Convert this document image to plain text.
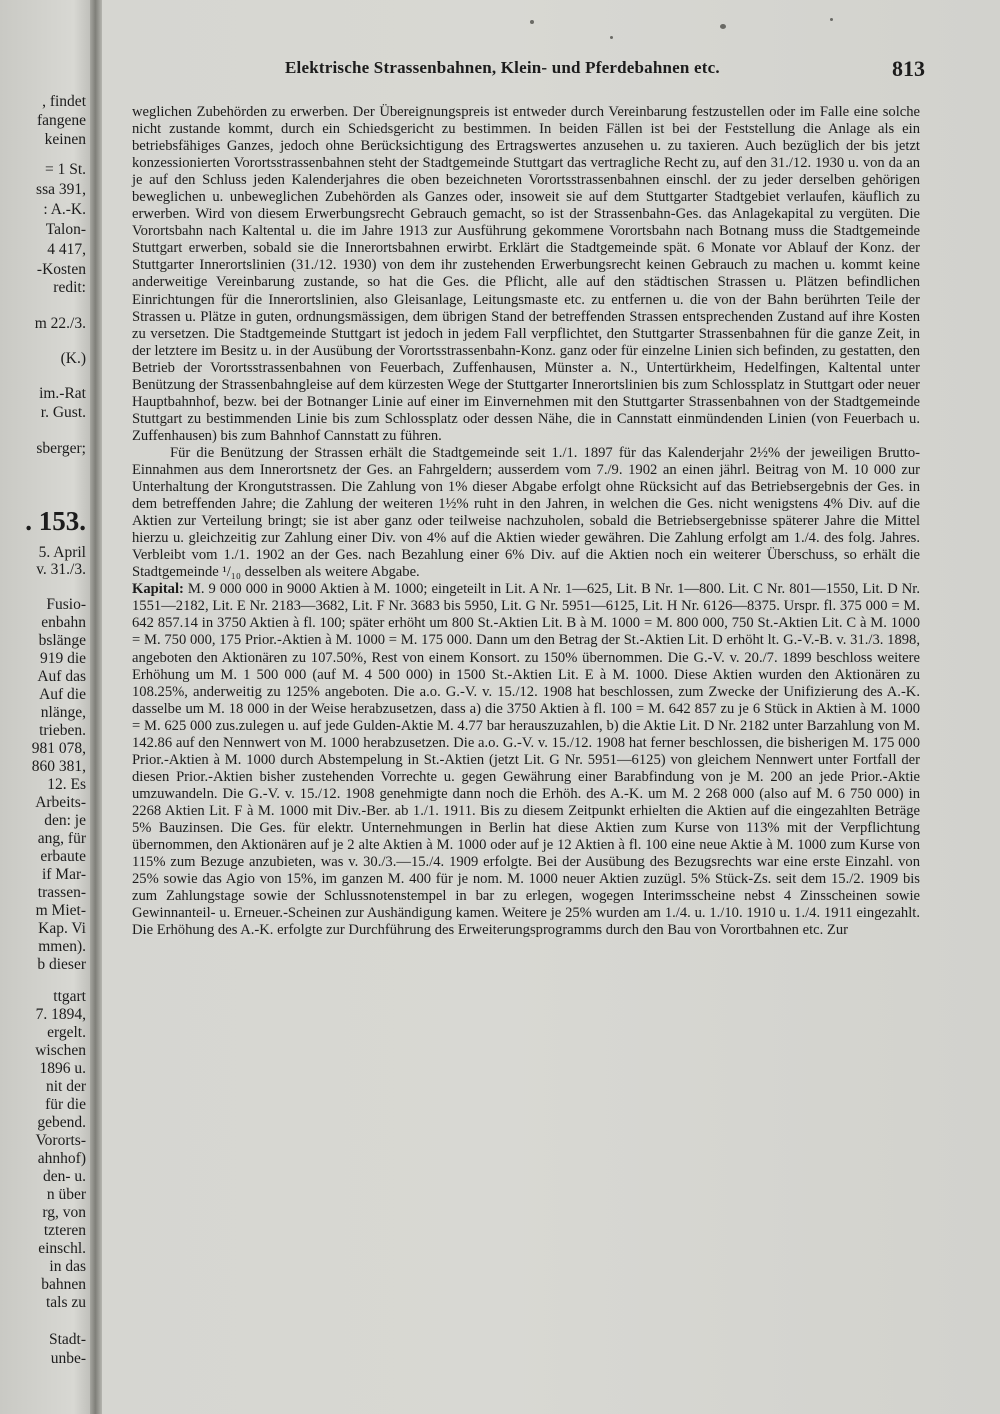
, findet
fangene
keinen
= 1 St.
ssa 391,
: A.-K.
Talon-
4 417,
-Kosten
redit:
m 22./3.
(K.)
im.-Rat
r. Gust.
sberger;
. 153.
5. April
v. 31./3.
Fusio-
enbahn
bslänge
919 die
Auf das
Auf die
nlänge,
trieben.
981 078,
860 381,
12. Es
Arbeits-
den: je
ang, für
erbaute
if Mar-
trassen-
m Miet-
Kap. Vi
mmen).
b dieser
ttgart
7. 1894,
ergelt.
wischen
1896 u.
nit der
für die
gebend.
Vororts-
ahnhof)
den- u.
n über
rg, von
tzteren
einschl.
in das
bahnen
tals zu
Stadt-
unbe-
Elektrische Strassenbahnen, Klein- und Pferdebahnen etc.	813

weglichen Zubehörden zu erwerben. Der Übereignungspreis ist entweder durch Vereinbarung festzustellen oder im Falle eine solche nicht zustande kommt, durch ein Schiedsgericht zu bestimmen. In beiden Fällen ist bei der Feststellung die Anlage als ein betriebsfähiges Ganzes, jedoch ohne Berücksichtigung des Ertragswertes anzusehen u. zu taxieren. Auch bezüglich der bis jetzt konzessionierten Vorortsstrassenbahnen steht der Stadtgemeinde Stuttgart das vertragliche Recht zu, auf den 31./12. 1930 u. von da an je auf den Schluss jeden Kalenderjahres die oben bezeichneten Vorortsstrassenbahnen einschl. der zu jeder derselben gehörigen beweglichen u. unbeweglichen Zubehörden als Ganzes oder, insoweit sie auf dem Stuttgarter Stadtgebiet verlaufen, käuflich zu erwerben. Wird von diesem Erwerbungsrecht Gebrauch gemacht, so ist der Strassenbahn-Ges. das Anlagekapital zu vergüten. Die Vorortsbahn nach Kaltental u. die im Jahre 1913 zur Ausführung gekommene Vorortsbahn nach Botnang muss die Stadtgemeinde Stuttgart erwerben, sobald sie die Innerortsbahnen erwirbt. Erklärt die Stadtgemeinde spät. 6 Monate vor Ablauf der Konz. der Stuttgarter Innerortslinien (31./12. 1930) von dem ihr zustehenden Erwerbungsrecht keinen Gebrauch zu machen u. kommt keine anderweitige Vereinbarung zustande, so hat die Ges. die Pflicht, alle auf den städtischen Strassen u. Plätzen befindlichen Einrichtungen für die Innerortslinien, also Gleisanlage, Leitungsmaste etc. zu entfernen u. die von der Bahn berührten Teile der Strassen u. Plätze in guten, ordnungsmässigen, dem übrigen Stand der betreffenden Strassen entsprechenden Zustand auf ihre Kosten zu versetzen. Die Stadtgemeinde Stuttgart ist jedoch in jedem Fall verpflichtet, den Stuttgarter Strassenbahnen für die ganze Zeit, in der letztere im Besitz u. in der Ausübung der Vorortsstrassenbahn-Konz. ganz oder für einzelne Linien sich befinden, zu gestatten, den Betrieb der Vorortsstrassenbahnen von Feuerbach, Zuffenhausen, Münster a. N., Untertürkheim, Hedelfingen, Kaltental unter Benützung der Strassenbahngleise auf dem kürzesten Wege der Stuttgarter Innerortslinien bis zum Schlossplatz in Stuttgart oder neuer Hauptbahnhof, bezw. bei der Botnanger Linie auf einer im Einvernehmen mit den Stuttgarter Strassenbahnen von der Stadtgemeinde Stuttgart zu bestimmenden Linie bis zum Schlossplatz oder dessen Nähe, die in Cannstatt einmündenden Linien (von Feuerbach u. Zuffenhausen) bis zum Bahnhof Cannstatt zu führen.

Für die Benützung der Strassen erhält die Stadtgemeinde seit 1./1. 1897 für das Kalenderjahr 2½% der jeweiligen Brutto-Einnahmen aus dem Innerortsnetz der Ges. an Fahrgeldern; ausserdem vom 7./9. 1902 an einen jährl. Beitrag von M. 10 000 zur Unterhaltung der Krongutstrassen. Die Zahlung von 1% dieser Abgabe erfolgt ohne Rücksicht auf das Betriebsergebnis der Ges. in dem betreffenden Jahre; die Zahlung der weiteren 1½% ruht in den Jahren, in welchen die Ges. nicht wenigstens 4% Div. auf die Aktien zur Verteilung bringt; sie ist aber ganz oder teilweise nachzuholen, sobald die Betriebsergebnisse späterer Jahre die Mittel hierzu u. gleichzeitig zur Zahlung einer Div. von 4% auf die Aktien wieder gewähren. Die Zahlung erfolgt am 1./4. des folg. Jahres. Verbleibt vom 1./1. 1902 an der Ges. nach Bezahlung einer 6% Div. auf die Aktien noch ein weiterer Überschuss, so erhält die Stadtgemeinde ¹/₁₀ desselben als weitere Abgabe.

Kapital: M. 9 000 000 in 9000 Aktien à M. 1000; eingeteilt in Lit. A Nr. 1—625, Lit. B Nr. 1—800. Lit. C Nr. 801—1550, Lit. D Nr. 1551—2182, Lit. E Nr. 2183—3682, Lit. F Nr. 3683 bis 5950, Lit. G Nr. 5951—6125, Lit. H Nr. 6126—8375. Urspr. fl. 375 000 = M. 642 857.14 in 3750 Aktien à fl. 100; später erhöht um 800 St.-Aktien Lit. B à M. 1000 = M. 800 000, 750 St.-Aktien Lit. C à M. 1000 = M. 750 000, 175 Prior.-Aktien à M. 1000 = M. 175 000. Dann um den Betrag der St.-Aktien Lit. D erhöht lt. G.-V.-B. v. 31./3. 1898, angeboten den Aktionären zu 107.50%, Rest von einem Konsort. zu 150% übernommen. Die G.-V. v. 20./7. 1899 beschloss weitere Erhöhung um M. 1 500 000 (auf M. 4 500 000) in 1500 St.-Aktien Lit. E à M. 1000. Diese Aktien wurden den Aktionären zu 108.25%, anderweitig zu 125% angeboten. Die a.o. G.-V. v. 15./12. 1908 hat beschlossen, zum Zwecke der Unifizierung des A.-K. dasselbe um M. 18 000 in der Weise herabzusetzen, dass a) die 3750 Aktien à fl. 100 = M. 642 857 zu je 6 Stück in Aktien à M. 1000 = M. 625 000 zus.zulegen u. auf jede Gulden-Aktie M. 4.77 bar herauszuzahlen, b) die Aktie Lit. D Nr. 2182 unter Barzahlung von M. 142.86 auf den Nennwert von M. 1000 herabzusetzen. Die a.o. G.-V. v. 15./12. 1908 hat ferner beschlossen, die bisherigen M. 175 000 Prior.-Aktien à M. 1000 durch Abstempelung in St.-Aktien (jetzt Lit. G Nr. 5951—6125) von gleichem Nennwert unter Fortfall der diesen Prior.-Aktien bisher zustehenden Vorrechte u. gegen Gewährung einer Barabfindung von je M. 200 an jede Prior.-Aktie umzuwandeln. Die G.-V. v. 15./12. 1908 genehmigte dann noch die Erhöh. des A.-K. um M. 2 268 000 (also auf M. 6 750 000) in 2268 Aktien Lit. F à M. 1000 mit Div.-Ber. ab 1./1. 1911. Bis zu diesem Zeitpunkt erhielten die Aktien auf die eingezahlten Beträge 5% Bauzinsen. Die Ges. für elektr. Unternehmungen in Berlin hat diese Aktien zum Kurse von 113% mit der Verpflichtung übernommen, den Aktionären auf je 2 alte Aktien à M. 1000 oder auf je 12 Aktien à fl. 100 eine neue Aktie à M. 1000 zum Kurse von 115% zum Bezuge anzubieten, was v. 30./3.—15./4. 1909 erfolgte. Bei der Ausübung des Bezugsrechts war eine erste Einzahl. von 25% sowie das Agio von 15%, im ganzen M. 400 für je nom. M. 1000 neuer Aktien zuzügl. 5% Stück-Zs. seit dem 15./2. 1909 bis zum Zahlungstage sowie der Schlussnotenstempel in bar zu erlegen, wogegen Interimsscheine nebst 4 Zinsscheinen sowie Gewinnanteil- u. Erneuer.-Scheinen zur Aushändigung kamen. Weitere je 25% wurden am 1./4. u. 1./10. 1910 u. 1./4. 1911 eingezahlt. Die Erhöhung des A.-K. erfolgte zur Durchführung des Erweiterungsprogramms durch den Bau von Vorortbahnen etc. Zur
